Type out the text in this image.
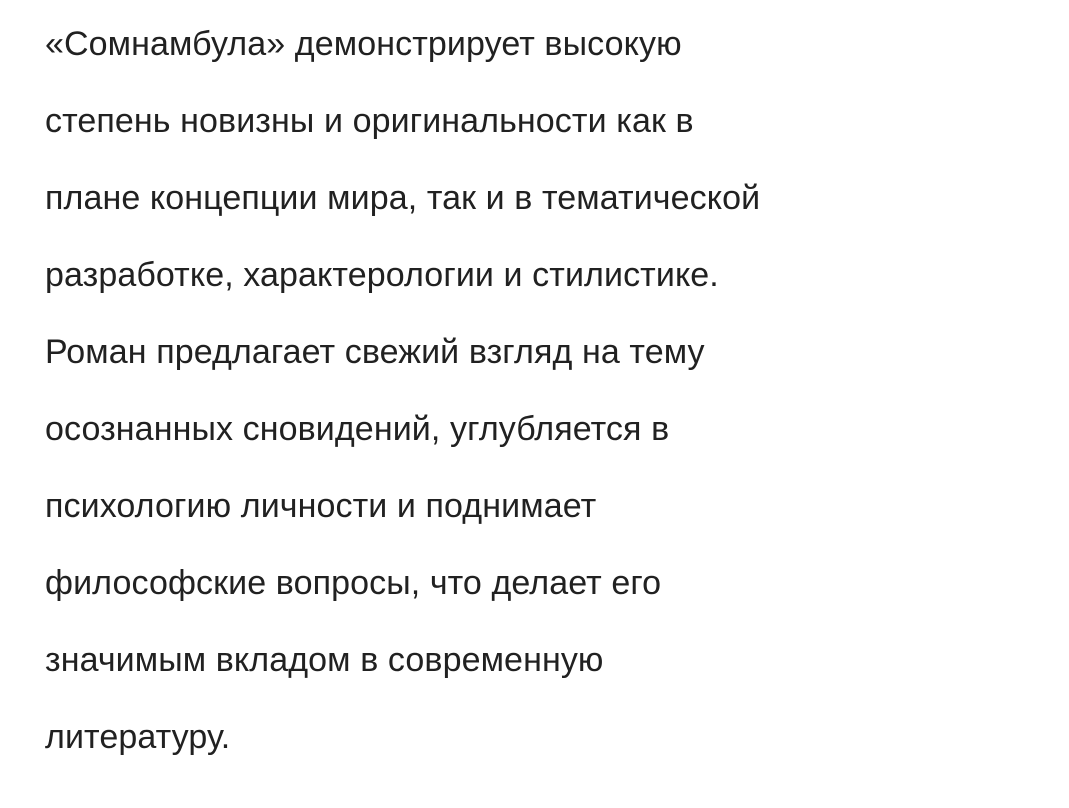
«Сомнамбула» демонстрирует высокую
степень новизны и оригинальности как в
плане концепции мира, так и в тематической
разработке, характерологии и стилистике.
Роман предлагает свежий взгляд на тему
осознанных сновидений, углубляется в
психологию личности и поднимает
философские вопросы, что делает его
значимым вкладом в современную
литературу.
